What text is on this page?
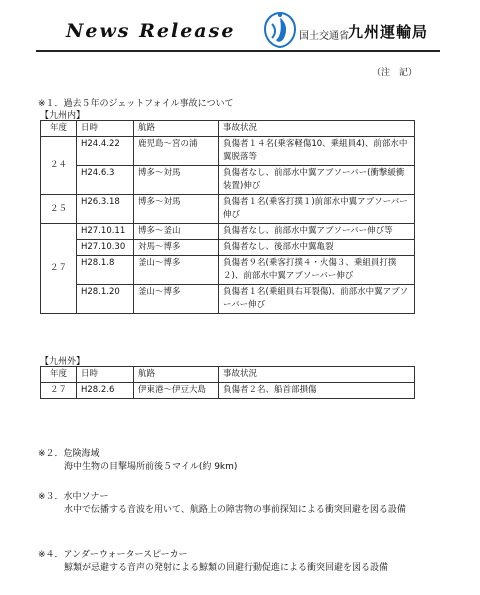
News Release	国土交通省 九州運輸局
（注　記）
※１．過去５年のジェットフォイル事故について
【九州内】
年度	日時	航路	事故状況
２４	H24.4.22	鹿児島～宮の浦	負傷者１４名(乗客軽傷10、乗組員4)、前部水中翼脱落等
	H24.6.3	博多～対馬	負傷者なし、前部水中翼アブソーバー(衝撃緩衝装置)伸び
２５	H26.3.18	博多～対馬	負傷者１名(乗客打撲１)前部水中翼アブソーバー伸び
２７	H27.10.11	博多～釜山	負傷者なし、前部水中翼アブソーバー伸び等
	H27.10.30	対馬～博多	負傷者なし、後部水中翼亀裂
	H28.1.8	釜山～博多	負傷者９名(乗客打撲４・火傷３、乗組員打撲２)、前部水中翼アブソーバー伸び
	H28.1.20	釜山～博多	負傷者１名(乗組員右耳裂傷)、前部水中翼アブソーバー伸び
【九州外】
年度	日時	航路	事故状況
２７	H28.2.6	伊東港～伊豆大島	負傷者２名、船首部損傷
※２．危険海域
海中生物の目撃場所前後５マイル(約 9km)
※３．水中ソナー
水中で伝播する音波を用いて、航路上の障害物の事前探知による衝突回避を図る設備
※４．アンダーウォータースピーカー
鯨類が忌避する音声の発射による鯨類の回避行動促進による衝突回避を図る設備
